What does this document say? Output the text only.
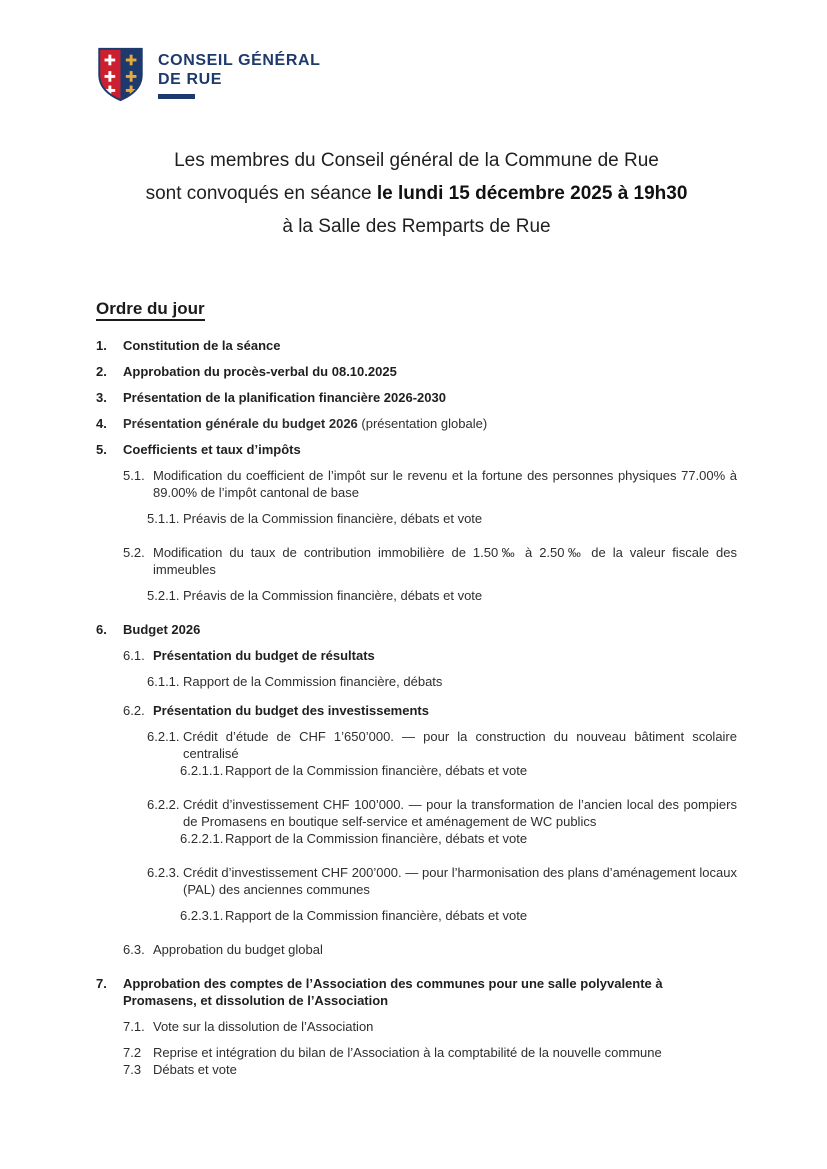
CONSEIL GÉNÉRAL
DE RUE
Les membres du Conseil général de la Commune de Rue
sont convoqués en séance le lundi 15 décembre 2025 à 19h30
à la Salle des Remparts de Rue
Ordre du jour
1.	Constitution de la séance
2.	Approbation du procès-verbal du 08.10.2025
3.	Présentation de la planification financière 2026-2030
4.	Présentation générale du budget 2026 (présentation globale)
5.	Coefficients et taux d’impôts
5.1. Modification du coefficient de l’impôt sur le revenu et la fortune des personnes physiques 77.00% à 89.00% de l’impôt cantonal de base
5.1.1. Préavis de la Commission financière, débats et vote
5.2. Modification du taux de contribution immobilière de 1.50‰ à 2.50‰ de la valeur fiscale des immeubles
5.2.1. Préavis de la Commission financière, débats et vote
6.	Budget 2026
6.1. Présentation du budget de résultats
6.1.1. Rapport de la Commission financière, débats
6.2. Présentation du budget des investissements
6.2.1. Crédit d’étude de CHF 1’650’000. — pour la construction du nouveau bâtiment scolaire centralisé
6.2.1.1. Rapport de la Commission financière, débats et vote
6.2.2. Crédit d’investissement CHF 100’000. — pour la transformation de l’ancien local des pompiers de Promasens en boutique self-service et aménagement de WC publics
6.2.2.1. Rapport de la Commission financière, débats et vote
6.2.3. Crédit d’investissement CHF 200’000. — pour l’harmonisation des plans d’aménagement locaux (PAL) des anciennes communes
6.2.3.1. Rapport de la Commission financière, débats et vote
6.3. Approbation du budget global
7.	Approbation des comptes de l’Association des communes pour une salle polyvalente à Promasens, et dissolution de l’Association
7.1. Vote sur la dissolution de l’Association
7.2 Reprise et intégration du bilan de l’Association à la comptabilité de la nouvelle commune
7.3 Débats et vote
